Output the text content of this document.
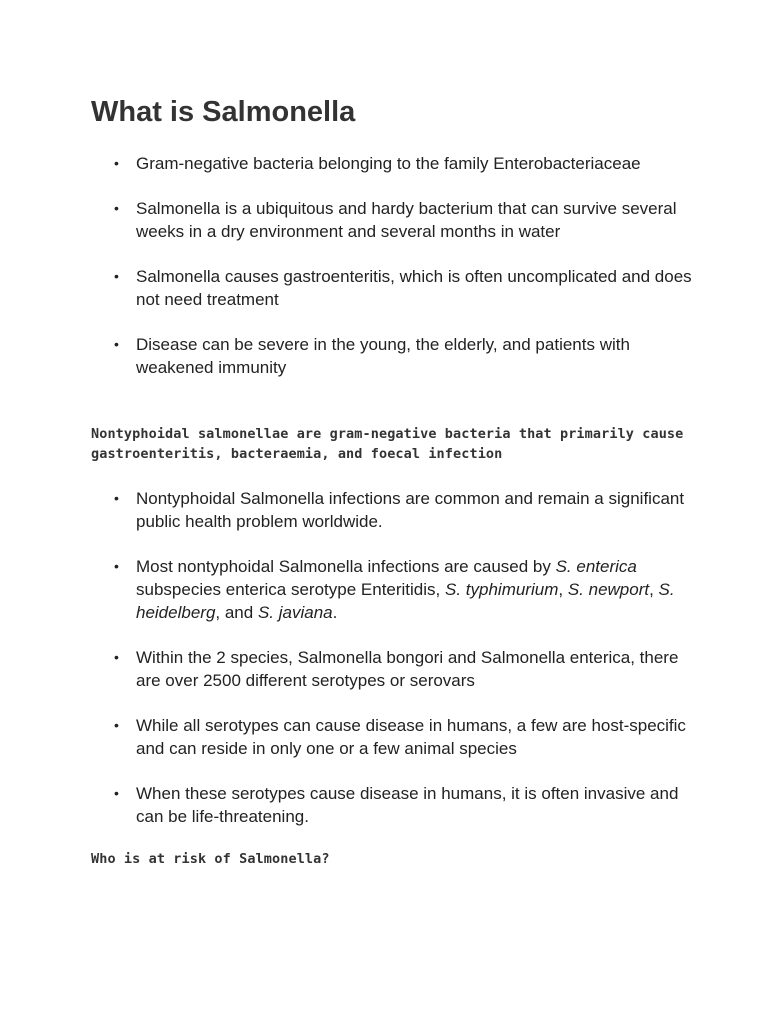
What is Salmonella
• Gram-negative bacteria belonging to the family Enterobacteriaceae
• Salmonella is a ubiquitous and hardy bacterium that can survive several weeks in a dry environment and several months in water
• Salmonella causes gastroenteritis, which is often uncomplicated and does not need treatment
• Disease can be severe in the young, the elderly, and patients with weakened immunity

Nontyphoidal salmonellae are gram-negative bacteria that primarily cause gastroenteritis, bacteraemia, and foecal infection

• Nontyphoidal Salmonella infections are common and remain a significant public health problem worldwide.
• Most nontyphoidal Salmonella infections are caused by S. enterica subspecies enterica serotype Enteritidis, S. typhimurium, S. newport, S. heidelberg, and S. javiana.
• Within the 2 species, Salmonella bongori and Salmonella enterica, there are over 2500 different serotypes or serovars
• While all serotypes can cause disease in humans, a few are host-specific and can reside in only one or a few animal species
• When these serotypes cause disease in humans, it is often invasive and can be life-threatening.

Who is at risk of Salmonella?
